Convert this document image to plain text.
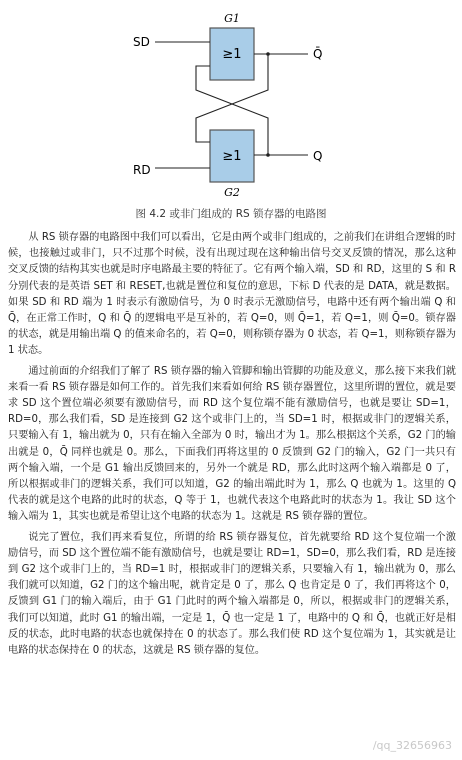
≥1
G1
≥1
G2
SD
RD
Q̄
Q
图 4.2 或非门组成的 RS 锁存器的电路图

从 RS 锁存器的电路图中我们可以看出，它是由两个或非门组成的，之前我们在讲组合逻辑的时候，也接触过或非门，只不过那个时候，没有出现过现在这种输出信号交叉反馈的情况，那么这种交叉反馈的结构其实也就是时序电路最主要的特征了。它有两个输入端，SD 和 RD，这里的 S 和 R 分别代表的是英语 SET 和 RESET,也就是置位和复位的意思，下标 D 代表的是 DATA，就是数据。如果 SD 和 RD 端为 1 时表示有激励信号，为 0 时表示无激励信号，电路中还有两个输出端 Q 和 Q̄，在正常工作时，Q 和 Q̄ 的逻辑电平是互补的，若 Q=0，则 Q̄=1，若 Q=1，则 Q̄=0。锁存器的状态，就是用输出端 Q 的值来命名的，若 Q=0，则称锁存器为 0 状态，若 Q=1，则称锁存器为 1 状态。

通过前面的介绍我们了解了 RS 锁存器的输入管脚和输出管脚的功能及意义，那么接下来我们就来看一看 RS 锁存器是如何工作的。首先我们来看如何给 RS 锁存器置位，这里所谓的置位，就是要求 SD 这个置位端必须要有激励信号，而 RD 这个复位端不能有激励信号，也就是要让 SD=1，RD=0，那么我们看，SD 是连接到 G2 这个或非门上的，当 SD=1 时，根据或非门的逻辑关系，只要输入有 1，输出就为 0，只有在输入全部为 0 时，输出才为 1。那么根据这个关系，G2 门的输出就是 0，Q̄ 同样也就是 0。那么，下面我们再将这里的 0 反馈到 G2 门的输入，G2 门一共只有两个输入端，一个是 G1 输出反馈回来的，另外一个就是 RD，那么此时这两个输入端都是 0 了，所以根据或非门的逻辑关系，我们可以知道，G2 的输出端此时为 1，那么 Q 也就为 1。这里的 Q 代表的就是这个电路的此时的状态，Q 等于 1，也就代表这个电路此时的状态为 1。我让 SD 这个输入端为 1，其实也就是希望让这个电路的状态为 1。这就是 RS 锁存器的置位。

说完了置位，我们再来看复位，所谓的给 RS 锁存器复位，首先就要给 RD 这个复位端一个激励信号，而 SD 这个置位端不能有激励信号，也就是要让 RD=1，SD=0，那么我们看，RD 是连接到 G2 这个或非门上的，当 RD=1 时，根据或非门的逻辑关系，只要输入有 1，输出就为 0，那么我们就可以知道，G2 门的这个输出呢，就肯定是 0 了，那么 Q 也肯定是 0 了，我们再将这个 0，反馈到 G1 门的输入端后，由于 G1 门此时的两个输入端都是 0，所以，根据或非门的逻辑关系，我们可以知道，此时 G1 的输出端，一定是 1，Q̄ 也一定是 1 了，电路中的 Q 和 Q̄，也就正好是相反的状态，此时电路的状态也就保持在 0 的状态了。那么我们使 RD 这个复位端为 1，其实就是让电路的状态保持在 0 的状态，这就是 RS 锁存器的复位。

/qq_32656963
